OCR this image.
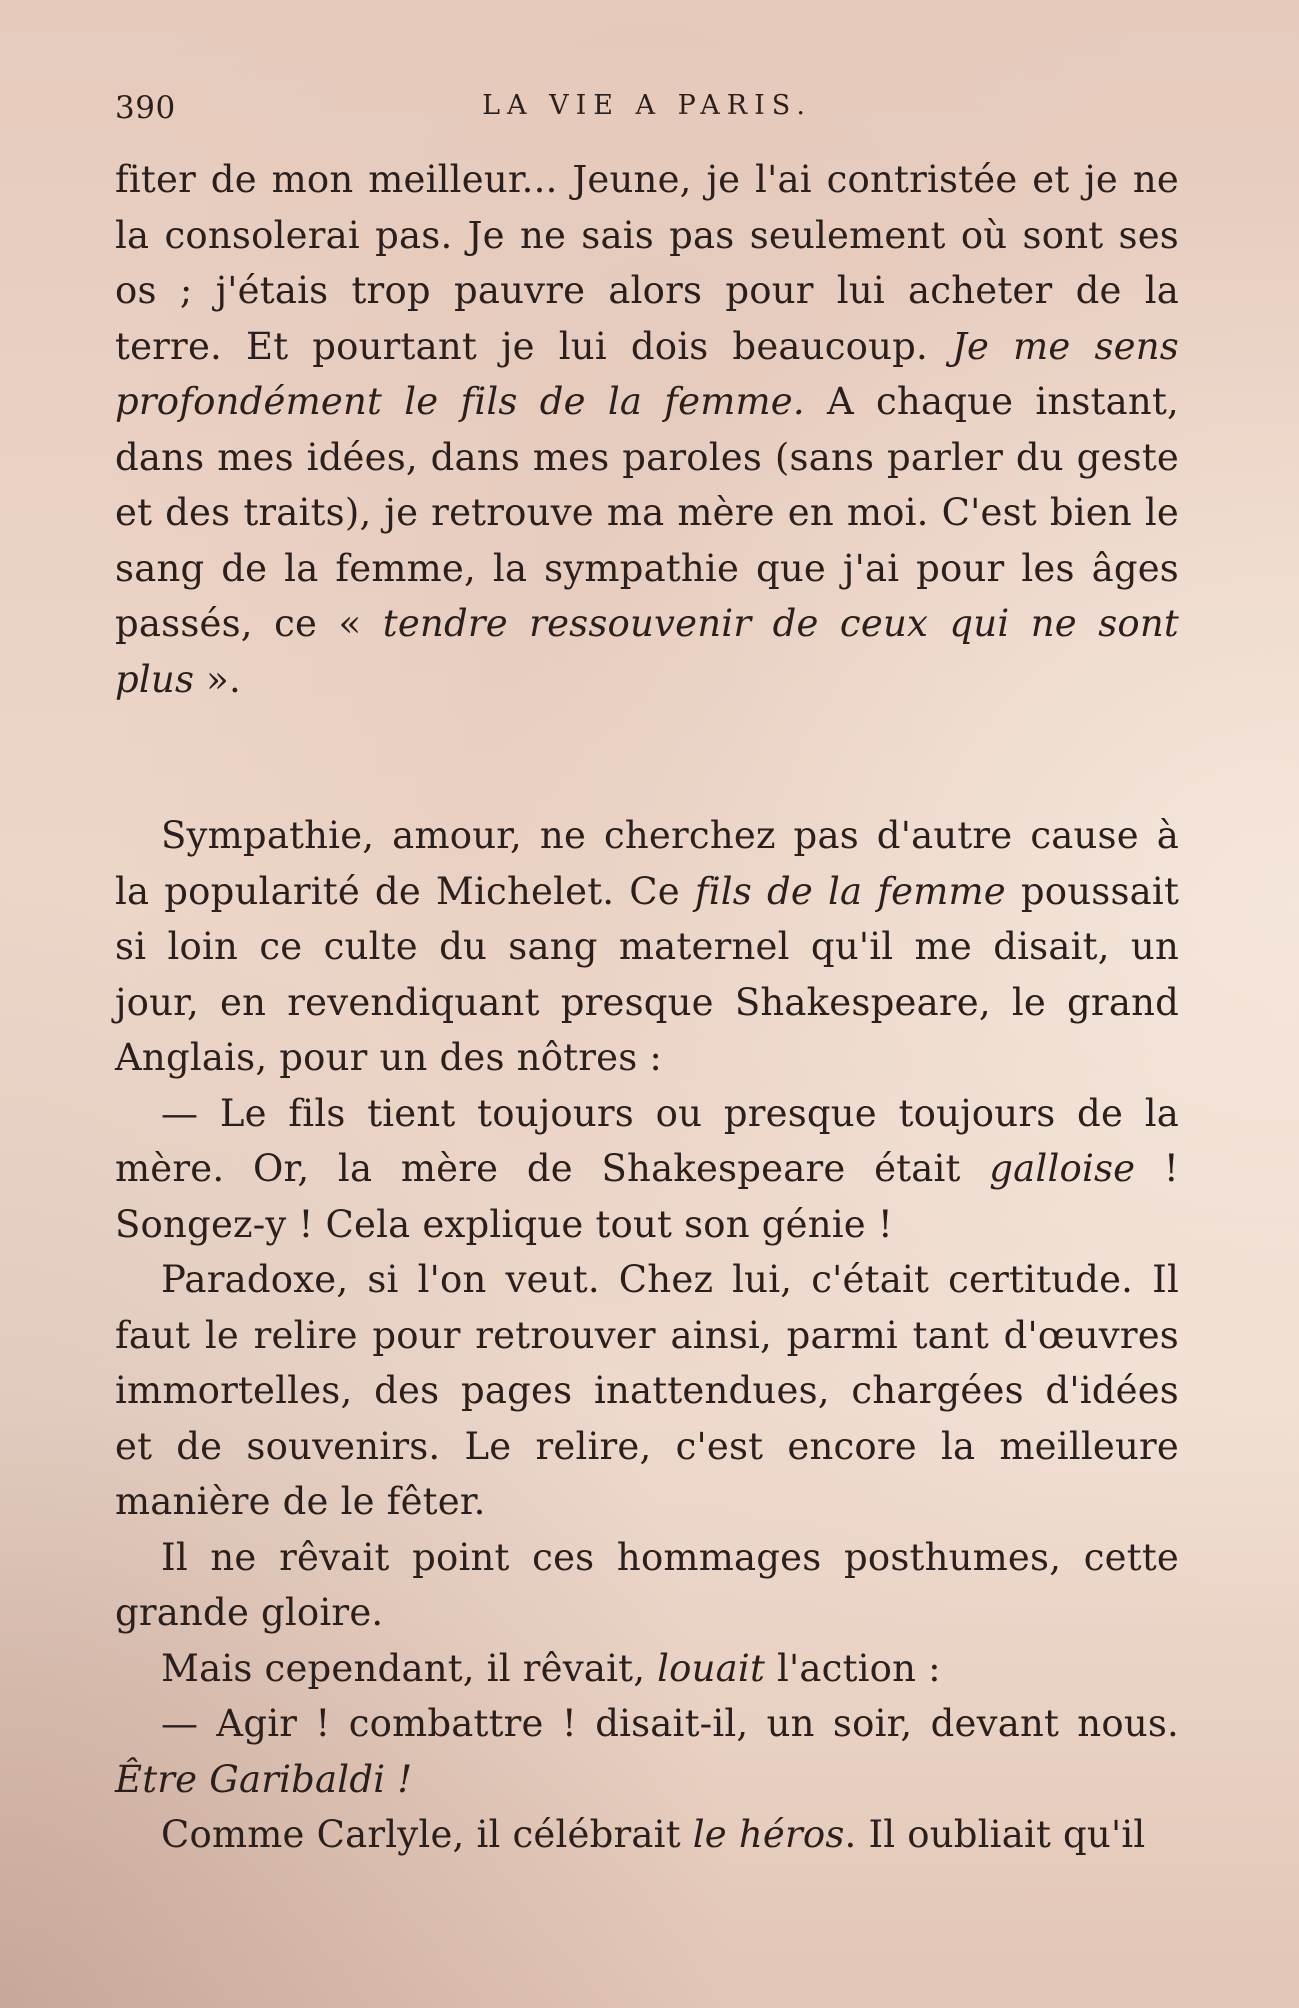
390	LA VIE A PARIS.

fiter de mon meilleur... Jeune, je l'ai contristée et je ne la consolerai pas. Je ne sais pas seulement où sont ses os ; j'étais trop pauvre alors pour lui acheter de la terre. Et pourtant je lui dois beaucoup. Je me sens profondément le fils de la femme. A chaque instant, dans mes idées, dans mes paroles (sans parler du geste et des traits), je retrouve ma mère en moi. C'est bien le sang de la femme, la sympathie que j'ai pour les âges passés, ce « tendre ressouvenir de ceux qui ne sont plus ».

Sympathie, amour, ne cherchez pas d'autre cause à la popularité de Michelet. Ce fils de la femme poussait si loin ce culte du sang maternel qu'il me disait, un jour, en revendiquant presque Shakespeare, le grand Anglais, pour un des nôtres :

— Le fils tient toujours ou presque toujours de la mère. Or, la mère de Shakespeare était galloise ! Songez-y ! Cela explique tout son génie !

Paradoxe, si l'on veut. Chez lui, c'était certitude. Il faut le relire pour retrouver ainsi, parmi tant d'œuvres immortelles, des pages inattendues, chargées d'idées et de souvenirs. Le relire, c'est encore la meilleure manière de le fêter.

Il ne rêvait point ces hommages posthumes, cette grande gloire.

Mais cependant, il rêvait, louait l'action :

— Agir ! combattre ! disait-il, un soir, devant nous. Être Garibaldi !

Comme Carlyle, il célébrait le héros. Il oubliait qu'il
